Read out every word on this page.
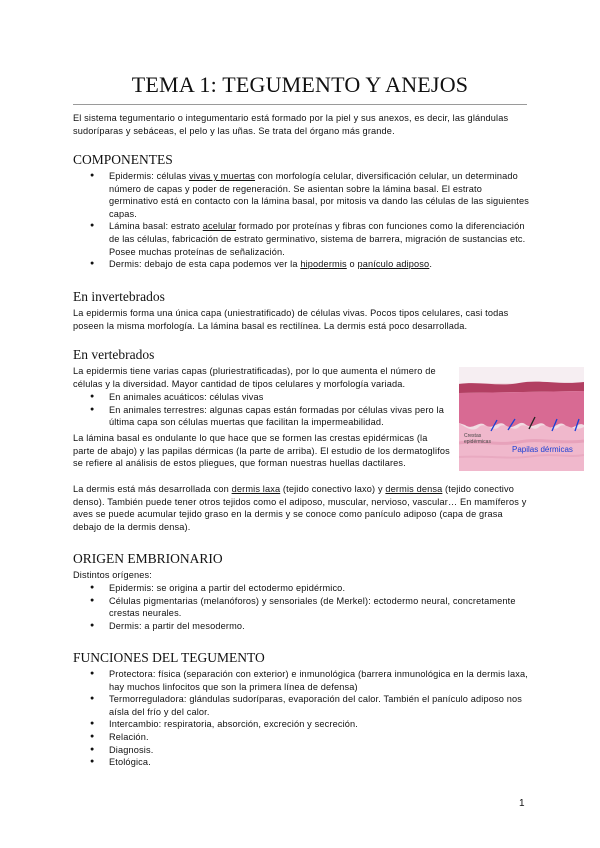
TEMA 1: TEGUMENTO Y ANEJOS

El sistema tegumentario o integumentario está formado por la piel y sus anexos, es decir, las glándulas sudoríparas y sebáceas, el pelo y las uñas. Se trata del órgano más grande.

COMPONENTES
● Epidermis: células vivas y muertas con morfología celular, diversificación celular, un determinado número de capas y poder de regeneración. Se asientan sobre la lámina basal. El estrato germinativo está en contacto con la lámina basal, por mitosis va dando las células de las siguientes capas.
● Lámina basal: estrato acelular formado por proteínas y fibras con funciones como la diferenciación de las células, fabricación de estrato germinativo, sistema de barrera, migración de sustancias etc. Posee muchas proteínas de señalización.
● Dermis: debajo de esta capa podemos ver la hipodermis o panículo adiposo.
En invertebrados

La epidermis forma una única capa (uniestratificado) de células vivas. Pocos tipos celulares, casi todas poseen la misma morfología. La lámina basal es rectilínea. La dermis está poco desarrollada.

En vertebrados

La epidermis tiene varias capas (pluriestratificadas), por lo que aumenta el número de células y la diversidad. Mayor cantidad de tipos celulares y morfología variada.

● En animales acuáticos: células vivas
● En animales terrestres: algunas capas están formadas por células vivas pero la última capa son células muertas que facilitan la impermeabilidad.

La lámina basal es ondulante lo que hace que se formen las crestas epidérmicas (la parte de abajo) y las papilas dérmicas (la parte de arriba). El estudio de los dermatoglifos se refiere al análisis de estos pliegues, que forman nuestras huellas dactilares.

La dermis está más desarrollada con dermis laxa (tejido conectivo laxo) y dermis densa (tejido conectivo denso). También puede tener otros tejidos como el adiposo, muscular, nervioso, vascular… En mamíferos y aves se puede acumular tejido graso en la dermis y se conoce como panículo adiposo (capa de grasa debajo de la dermis densa).

Crestas
epidérmicas
Papilas dérmicas
ORIGEN EMBRIONARIO

Distintos orígenes:

● Epidermis: se origina a partir del ectodermo epidérmico.
● Células pigmentarias (melanóforos) y sensoriales (de Merkel): ectodermo neural, concretamente crestas neurales.
● Dermis: a partir del mesodermo.
FUNCIONES DEL TEGUMENTO
● Protectora: física (separación con exterior) e inmunológica (barrera inmunológica en la dermis laxa, hay muchos linfocitos que son la primera línea de defensa)
● Termorreguladora: glándulas sudoríparas, evaporación del calor. También el panículo adiposo nos aísla del frío y del calor.
● Intercambio: respiratoria, absorción, excreción y secreción.
● Relación.
● Diagnosis.
● Etológica.
1
